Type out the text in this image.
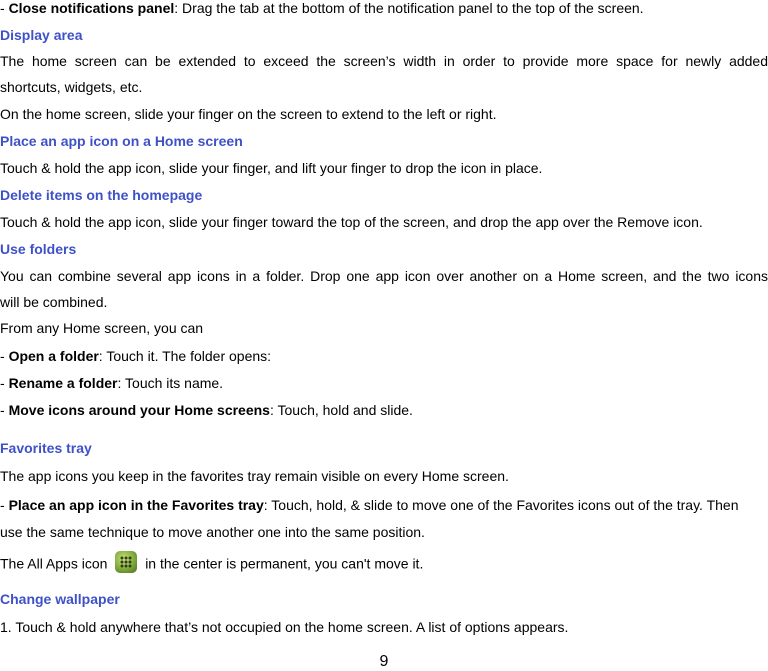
- Close notifications panel: Drag the tab at the bottom of the notification panel to the top of the screen.
Display area
The home screen can be extended to exceed the screen’s width in order to provide more space for newly added
shortcuts, widgets, etc.
On the home screen, slide your finger on the screen to extend to the left or right.
Place an app icon on a Home screen
Touch & hold the app icon, slide your finger, and lift your finger to drop the icon in place.
Delete items on the homepage
Touch & hold the app icon, slide your finger toward the top of the screen, and drop the app over the Remove icon.
Use folders
You can combine several app icons in a folder. Drop one app icon over another on a Home screen, and the two icons
will be combined.
From any Home screen, you can
- Open a folder: Touch it. The folder opens:
- Rename a folder: Touch its name.
- Move icons around your Home screens: Touch, hold and slide.
Favorites tray
The app icons you keep in the favorites tray remain visible on every Home screen.
- Place an app icon in the Favorites tray: Touch, hold, & slide to move one of the Favorites icons out of the tray. Then
use the same technique to move another one into the same position.
The All Apps icon	in the center is permanent, you can't move it.
Change wallpaper
1. Touch & hold anywhere that’s not occupied on the home screen. A list of options appears.
9
